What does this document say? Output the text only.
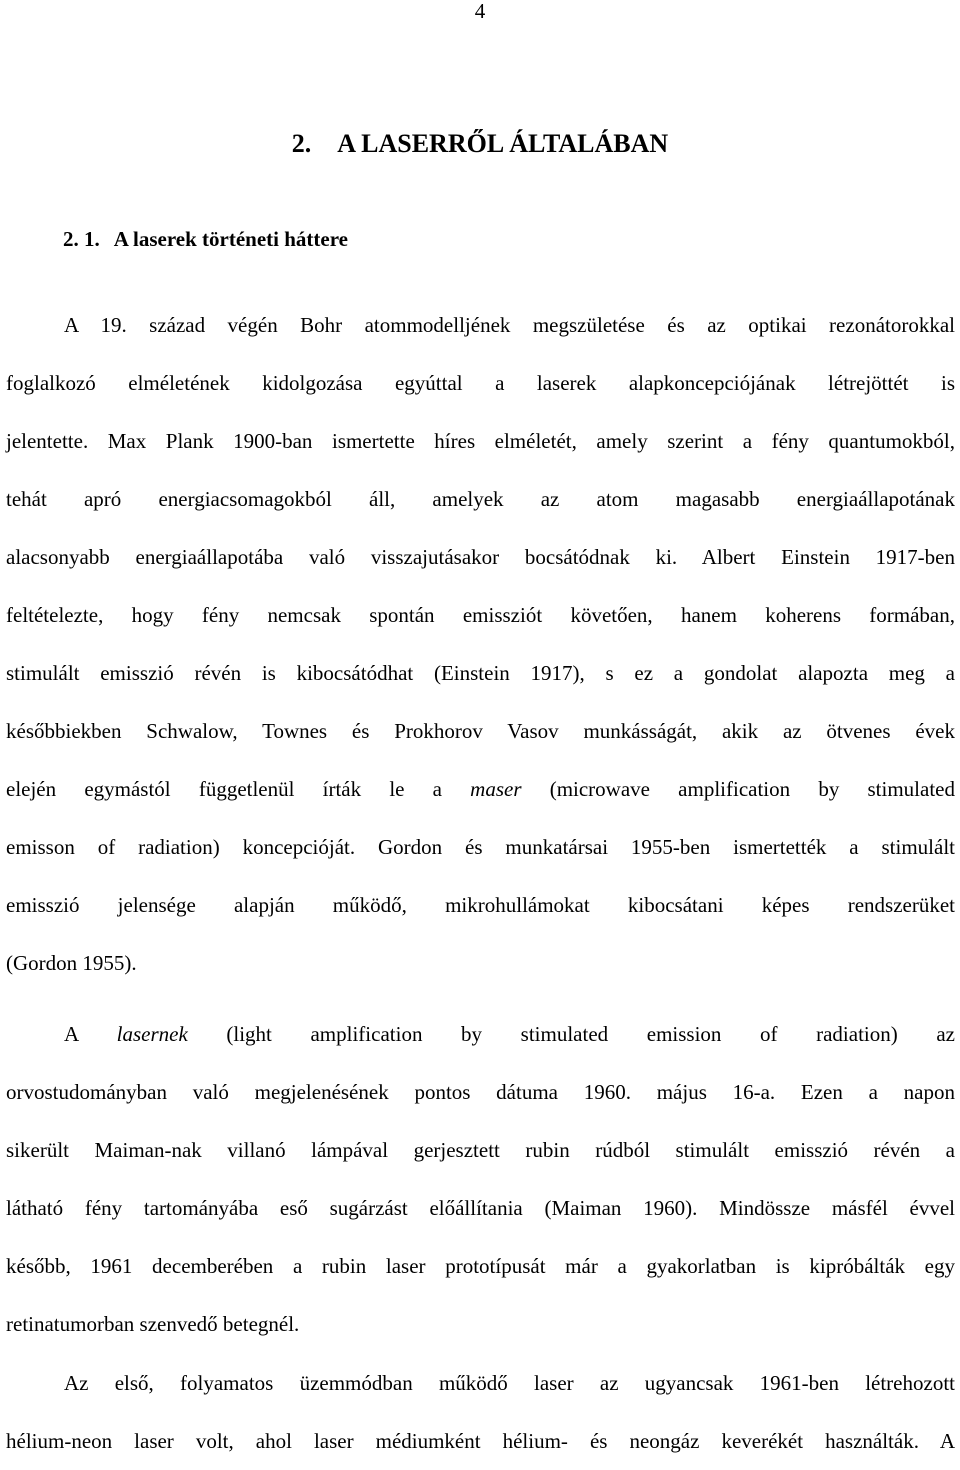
4
2. A LASERRŐL ÁLTALÁBAN
2. 1. A laserek történeti háttere
A 19. század végén Bohr atommodelljének megszületése és az optikai rezonátorokkal
foglalkozó elméletének kidolgozása egyúttal a laserek alapkoncepciójának létrejöttét is
jelentette. Max Plank 1900-ban ismertette híres elméletét, amely szerint a fény quantumokból,
tehát apró energiacsomagokból áll, amelyek az atom magasabb energiaállapotának
alacsonyabb energiaállapotába való visszajutásakor bocsátódnak ki. Albert Einstein 1917-ben
feltételezte, hogy fény nemcsak spontán emissziót követően, hanem koherens formában,
stimulált emisszió révén is kibocsátódhat (Einstein 1917), s ez a gondolat alapozta meg a
későbbiekben Schwalow, Townes és Prokhorov Vasov munkásságát, akik az ötvenes évek
elején egymástól függetlenül írták le a maser (microwave amplification by stimulated
emisson of radiation) koncepcióját. Gordon és munkatársai 1955-ben ismertették a stimulált
emisszió jelensége alapján működő, mikrohullámokat kibocsátani képes rendszerüket
(Gordon 1955).
A lasernek (light amplification by stimulated emission of radiation) az
orvostudományban való megjelenésének pontos dátuma 1960. május 16-a. Ezen a napon
sikerült Maiman-nak villanó lámpával gerjesztett rubin rúdból stimulált emisszió révén a
látható fény tartományába eső sugárzást előállítania (Maiman 1960). Mindössze másfél évvel
később, 1961 decemberében a rubin laser prototípusát már a gyakorlatban is kipróbálták egy
retinatumorban szenvedő betegnél.
Az első, folyamatos üzemmódban működő laser az ugyancsak 1961-ben létrehozott
hélium-neon laser volt, ahol laser médiumként hélium- és neongáz keverékét használták. A
